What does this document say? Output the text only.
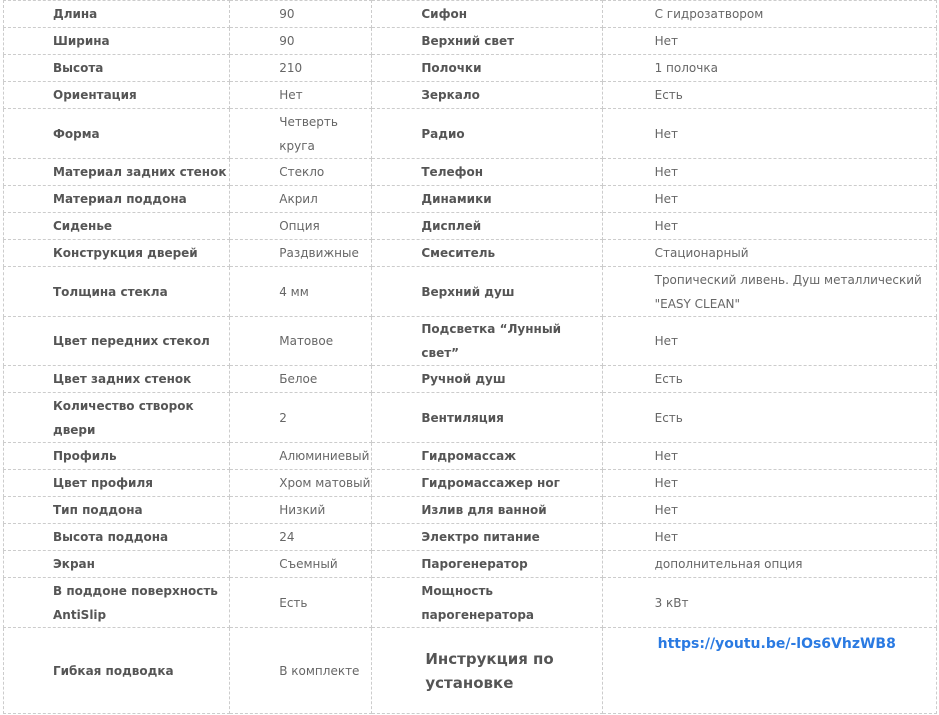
Длина	90	Сифон	С гидрозатвором
Ширина	90	Верхний свет	Нет
Высота	210	Полочки	1 полочка
Ориентация	Нет	Зеркало	Есть
Форма	Четверть круга	Радио	Нет
Материал задних стенок	Стекло	Телефон	Нет
Материал поддона	Акрил	Динамики	Нет
Сиденье	Опция	Дисплей	Нет
Конструкция дверей	Раздвижные	Смеситель	Стационарный
Толщина стекла	4 мм	Верхний душ	Тропический ливень. Душ металлический "EASY CLEAN"
Цвет передних стекол	Матовое	Подсветка “Лунный свет”	Нет
Цвет задних стенок	Белое	Ручной душ	Есть
Количество створок двери	2	Вентиляция	Есть
Профиль	Алюминиевый	Гидромассаж	Нет
Цвет профиля	Хром матовый	Гидромассажер ног	Нет
Тип поддона	Низкий	Излив для ванной	Нет
Высота поддона	24	Электро питание	Нет
Экран	Съемный	Парогенератор	дополнительная опция
В поддоне поверхность AntiSlip	Есть	Мощность парогенератора	3 кВт
Гибкая подводка	В комплекте	Инструкция по установке	https://youtu.be/-lOs6VhzWB8
